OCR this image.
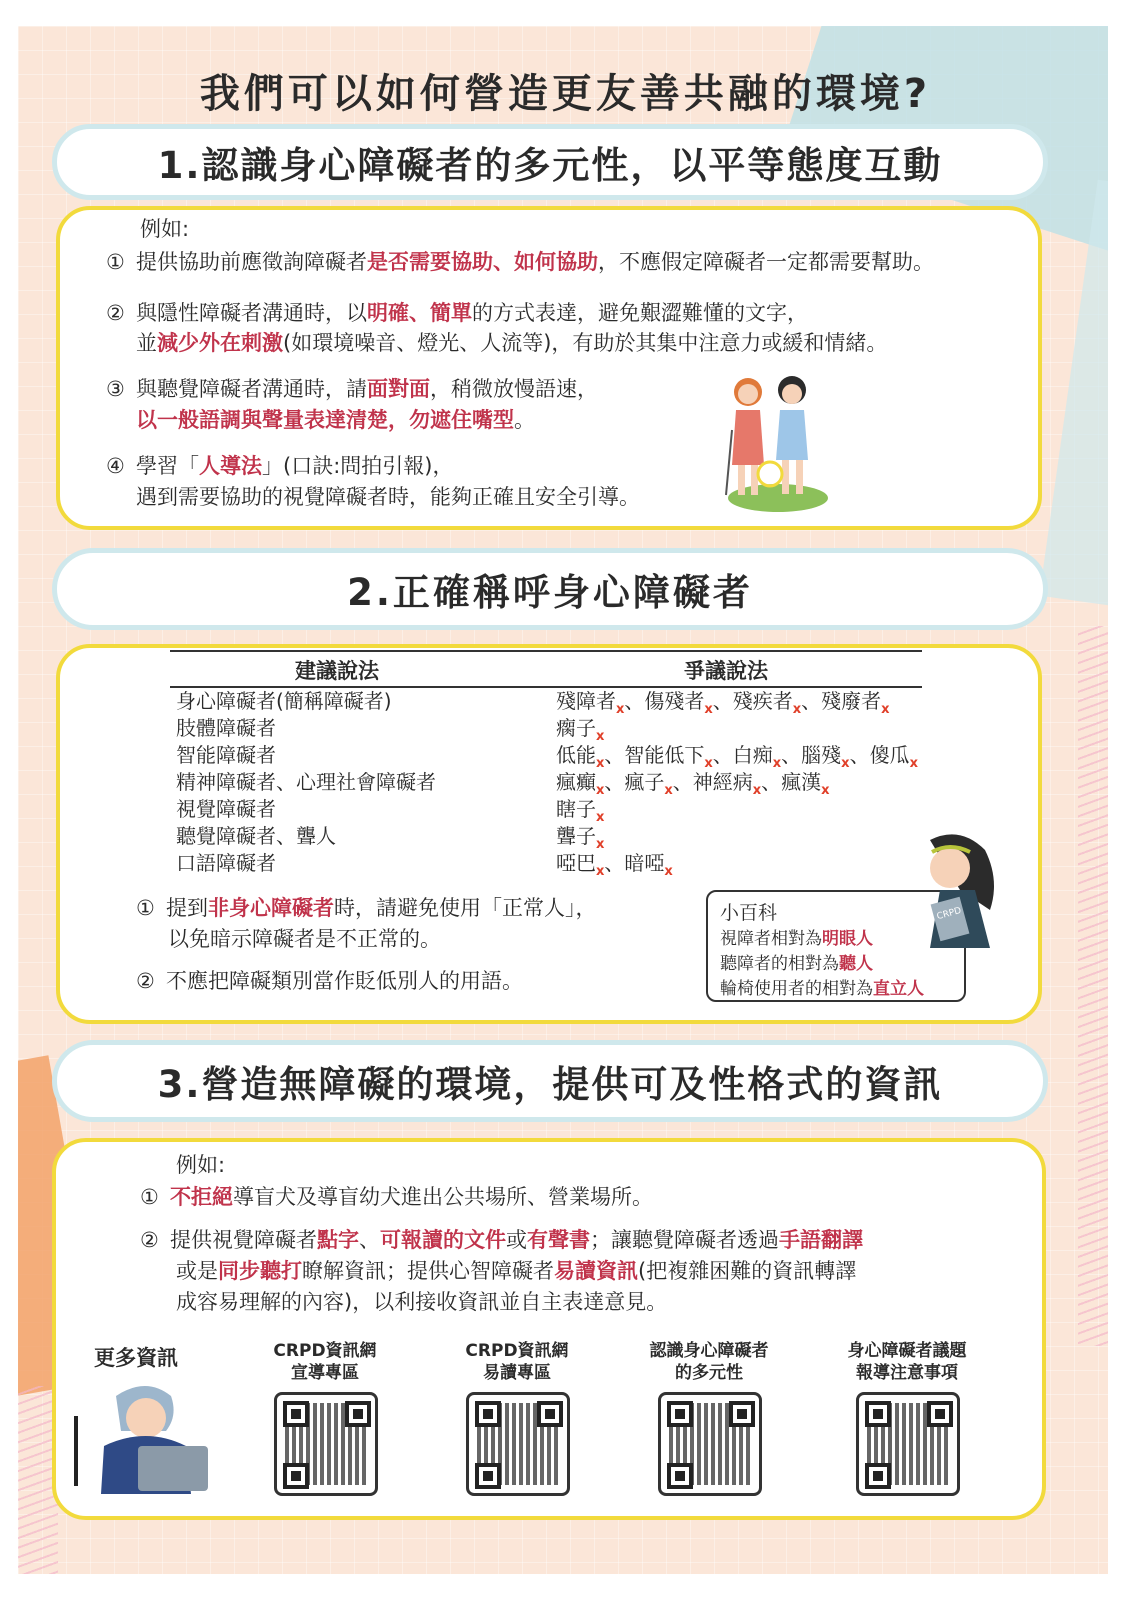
我們可以如何營造更友善共融的環境?
1.認識身心障礙者的多元性，以平等態度互動
例如:
① 提供協助前應徵詢障礙者是否需要協助、如何協助，不應假定障礙者一定都需要幫助。
② 與隱性障礙者溝通時，以明確、簡單的方式表達，避免艱澀難懂的文字，
並減少外在刺激(如環境噪音、燈光、人流等)，有助於其集中注意力或緩和情緒。
③ 與聽覺障礙者溝通時，請面對面，稍微放慢語速，
以一般語調與聲量表達清楚，勿遮住嘴型。
④ 學習「人導法」(口訣:問拍引報)，
遇到需要協助的視覺障礙者時，能夠正確且安全引導。
2.正確稱呼身心障礙者
建議說法	爭議說法
身心障礙者(簡稱障礙者)	殘障者$_x$、傷殘者$_x$、殘疾者$_x$、殘廢者$_x$
肢體障礙者	瘸子$_x$
智能障礙者	低能$_x$、智能低下$_x$、白痴$_x$、腦殘$_x$、傻瓜$_x$
精神障礙者、心理社會障礙者	瘋癲$_x$、瘋子$_x$、神經病$_x$、瘋漢$_x$
視覺障礙者	瞎子$_x$
聽覺障礙者、聾人	聾子$_x$
口語障礙者	啞巴$_x$、暗啞$_x$
① 提到非身心障礙者時，請避免使用「正常人」，
以免暗示障礙者是不正常的。
② 不應把障礙類別當作貶低別人的用語。
小百科
視障者相對為明眼人
聽障者的相對為聽人
輪椅使用者的相對為直立人
CRPD
3.營造無障礙的環境，提供可及性格式的資訊
例如:
① 不拒絕導盲犬及導盲幼犬進出公共場所、營業場所。
② 提供視覺障礙者點字、可報讀的文件或有聲書；讓聽覺障礙者透過手語翻譯
或是同步聽打瞭解資訊；提供心智障礙者易讀資訊(把複雜困難的資訊轉譯
成容易理解的內容)，以利接收資訊並自主表達意見。
更多資訊	CRPD資訊網
宣導專區
CRPD資訊網
易讀專區
認識身心障礙者
的多元性
身心障礙者議題
報導注意事項
